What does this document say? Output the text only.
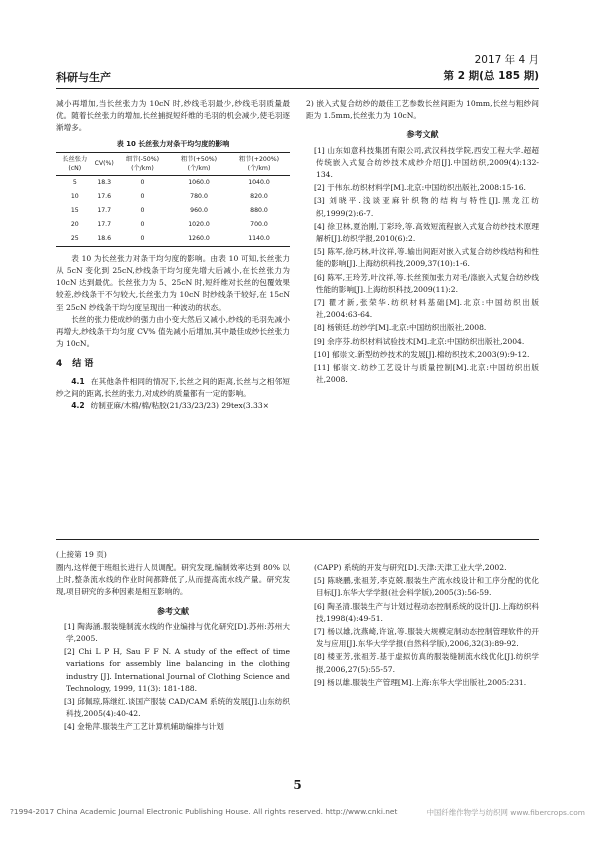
科研与生产
2017 年 4 月
第 2 期(总 185 期)

减小再增加,当长丝张力为 10cN 时,纱线毛羽最少,纱线毛羽质量最优。随着长丝张力的增加,长丝捕捉短纤维的毛羽的机会减少,使毛羽逐渐增多。

表 10 长丝张力对条干均匀度的影响
长丝张力(cN)	CV(%)	细节(-50%)(个/km)	粗节(+50%)(个/km)	粗节(+200%)(个/km)
5	18.3	0	1060.0	1040.0
10	17.6	0	780.0	820.0
15	17.7	0	960.0	880.0
20	17.7	0	1020.0	700.0
25	18.6	0	1260.0	1140.0

表 10 为长丝张力对条干均匀度的影响。由表 10 可知,长丝张力从 5cN 变化到 25cN,纱线条干均匀度先增大后减小,在长丝张力为 10cN 达到最优。长丝张力为 5、25cN 时,短纤维对长丝的包覆效果较差,纱线条干不匀较大,长丝张力为 10cN 时纱线条干较好,在 15cN 至 25cN 纱线条干均匀度呈现出一种波动的状态。

长丝的张力使成纱的强力由小变大然后又减小,纱线的毛羽先减小再增大,纱线条干均匀度 CV% 值先减小后增加,其中最佳成纱长丝张力为 10cN。

4 结 语

4.1 在其他条件相同的情况下,长丝之间的距离,长丝与之相邻短纱之间的距离,长丝的张力,对成纱的质量都有一定的影响。

4.2 纺制亚麻/木棉/棉/粘胶(21/33/23/23) 29tex(3.33×

2) 嵌入式复合纺纱的最佳工艺参数长丝间距为 10mm,长丝与粗纱间距为 1.5mm,长丝张力为 10cN。

参考文献
[1] 山东如意科技集团有限公司,武汉科技学院,西安工程大学.超超传统嵌入式复合纺纱技术成纱介绍[J].中国纺织,2009(4):132-134.
[2] 于伟东.纺织材料学[M].北京:中国纺织出版社,2008:15-16.
[3] 刘晓平.浅谈亚麻针织物的结构与特性[J].黑龙江纺织,1999(2):6-7.
[4] 徐卫林,夏治刚,丁彩玲,等.高效短流程嵌入式复合纺纱技术原理解析[J].纺织学报,2010(6):2.
[5] 陈军,徐巧林,叶汶祥,等.输出间距对嵌入式复合纺纱线结构和性能的影响[J].上海纺织科技,2009,37(10):1-6.
[6] 陈军,王玲芳,叶汶祥,等.长丝预加张力对毛/涤嵌入式复合纺纱线性能的影响[J].上海纺织科技,2009(11):2.
[7] 瞿才新,张荣华.纺织材料基础[M].北京:中国纺织出版社,2004:63-64.
[8] 杨锁廷.纺纱学[M].北京:中国纺织出版社,2008.
[9] 余序芬.纺织材料试验技术[M].北京:中国纺织出版社,2004.
[10] 郁崇文.新型纺纱技术的发展[J].棉纺织技术,2003(9):9-12.
[11] 郁崇文.纺纱工艺设计与质量控制[M].北京:中国纺织出版社,2008.
(上接第 19 页)

圈内,这样便于班组长进行人员调配。研究发现,编制效率达到 80% 以上时,整条流水线的作业时间都降低了,从而提高流水线产量。研究发现,项目研究的多种因素是相互影响的。

参考文献
[1] 陶海涵.服装缝制流水线的作业编排与优化研究[D].苏州:苏州大学,2005.
[2] Chi L P H, Sau F F N. A study of the effect of time variations for assembly line balancing in the clothing industry [J]. International Journal of Clothing Science and Technology, 1999, 11(3): 181-188.
[3] 邱佩琼,陈继红.谈国产服装 CAD/CAM 系统的发展[J].山东纺织科技,2005(4):40-42.
[4] 金艳萍.服装生产工艺计算机辅助编排与计划
(CAPP) 系统的开发与研究[D].天津:天津工业大学,2002.
[5] 陈晓鹏,张祖芳,李克兢.服装生产流水线设计和工序分配的优化目标[J].东华大学学报(社会科学版),2005(3):56-59.
[6] 陶圣清.服装生产与计划过程动态控制系统的设计[J].上海纺织科技,1998(4):49-51.
[7] 杨以雄,沈燕崎,许谊,等.服装大规模定制动态控制管理软件的开发与应用[J].东华大学学报(自然科学版),2006,32(3):89-92.
[8] 楼亚芳,张祖芳.基于虚拟仿真的服装缝制流水线优化[J].纺织学报,2006,27(5):55-57.
[9] 杨以雄.服装生产管理[M].上海:东华大学出版社,2005:231.
5
?1994-2017 China Academic Journal Electronic Publishing House. All rights reserved. http://www.cnki.net	中国纤维作物学与纺织网 www.fibercrops.com
